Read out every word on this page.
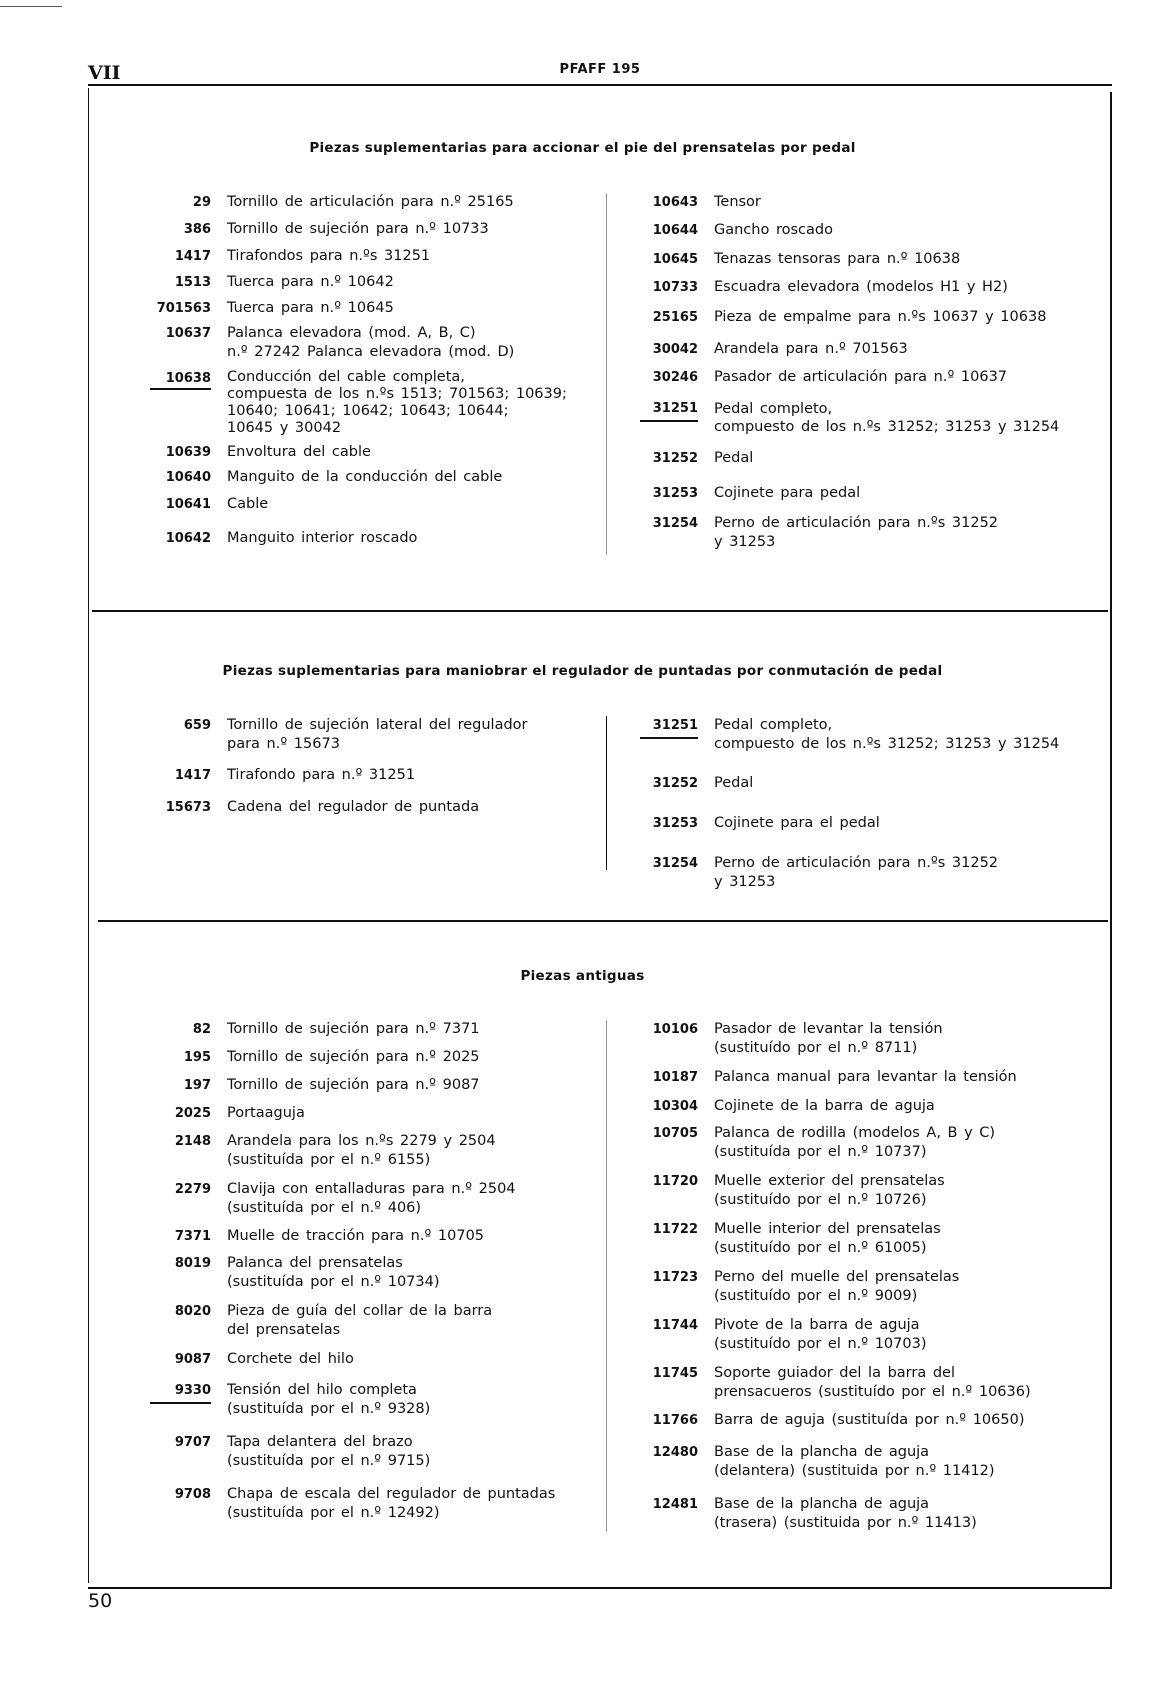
VII	PFAFF 195
Piezas suplementarias para accionar el pie del prensatelas por pedal
29	Tornillo de articulación para n.º 25165
386	Tornillo de sujeción para n.º 10733
1417	Tirafondos para n.ºs 31251
1513	Tuerca para n.º 10642
701563	Tuerca para n.º 10645
10637	Palanca elevadora (mod. A, B, C)
n.º 27242 Palanca elevadora (mod. D)
10638	Conducción del cable completa,
compuesta de los n.ºs 1513; 701563; 10639;
10640; 10641; 10642; 10643; 10644;
10645 y 30042
10639	Envoltura del cable
10640	Manguito de la conducción del cable
10641	Cable
10642	Manguito interior roscado
10643	Tensor
10644	Gancho roscado
10645	Tenazas tensoras para n.º 10638
10733	Escuadra elevadora (modelos H1 y H2)
25165	Pieza de empalme para n.ºs 10637 y 10638
30042	Arandela para n.º 701563
30246	Pasador de articulación para n.º 10637
31251	Pedal completo,
compuesto de los n.ºs 31252; 31253 y 31254
31252	Pedal
31253	Cojinete para pedal
31254	Perno de articulación para n.ºs 31252
y 31253
Piezas suplementarias para maniobrar el regulador de puntadas por conmutación de pedal
659	Tornillo de sujeción lateral del regulador
para n.º 15673
1417	Tirafondo para n.º 31251
15673	Cadena del regulador de puntada
31251	Pedal completo,
compuesto de los n.ºs 31252; 31253 y 31254
31252	Pedal
31253	Cojinete para el pedal
31254	Perno de articulación para n.ºs 31252
y 31253
Piezas antiguas
82	Tornillo de sujeción para n.º 7371
195	Tornillo de sujeción para n.º 2025
197	Tornillo de sujeción para n.º 9087
2025	Portaaguja
2148	Arandela para los n.ºs 2279 y 2504
(sustituída por el n.º 6155)
2279	Clavija con entalladuras para n.º 2504
(sustituída por el n.º 406)
7371	Muelle de tracción para n.º 10705
8019	Palanca del prensatelas
(sustituída por el n.º 10734)
8020	Pieza de guía del collar de la barra
del prensatelas
9087	Corchete del hilo
9330	Tensión del hilo completa
(sustituída por el n.º 9328)
9707	Tapa delantera del brazo
(sustituída por el n.º 9715)
9708	Chapa de escala del regulador de puntadas
(sustituída por el n.º 12492)
10106	Pasador de levantar la tensión
(sustituído por el n.º 8711)
10187	Palanca manual para levantar la tensión
10304	Cojinete de la barra de aguja
10705	Palanca de rodilla (modelos A, B y C)
(sustituída por el n.º 10737)
11720	Muelle exterior del prensatelas
(sustituído por el n.º 10726)
11722	Muelle interior del prensatelas
(sustituído por el n.º 61005)
11723	Perno del muelle del prensatelas
(sustituído por el n.º 9009)
11744	Pivote de la barra de aguja
(sustituído por el n.º 10703)
11745	Soporte guiador del la barra del
prensacueros (sustituído por el n.º 10636)
11766	Barra de aguja (sustituída por n.º 10650)
12480	Base de la plancha de aguja
(delantera) (sustituida por n.º 11412)
12481	Base de la plancha de aguja
(trasera) (sustituida por n.º 11413)
50
